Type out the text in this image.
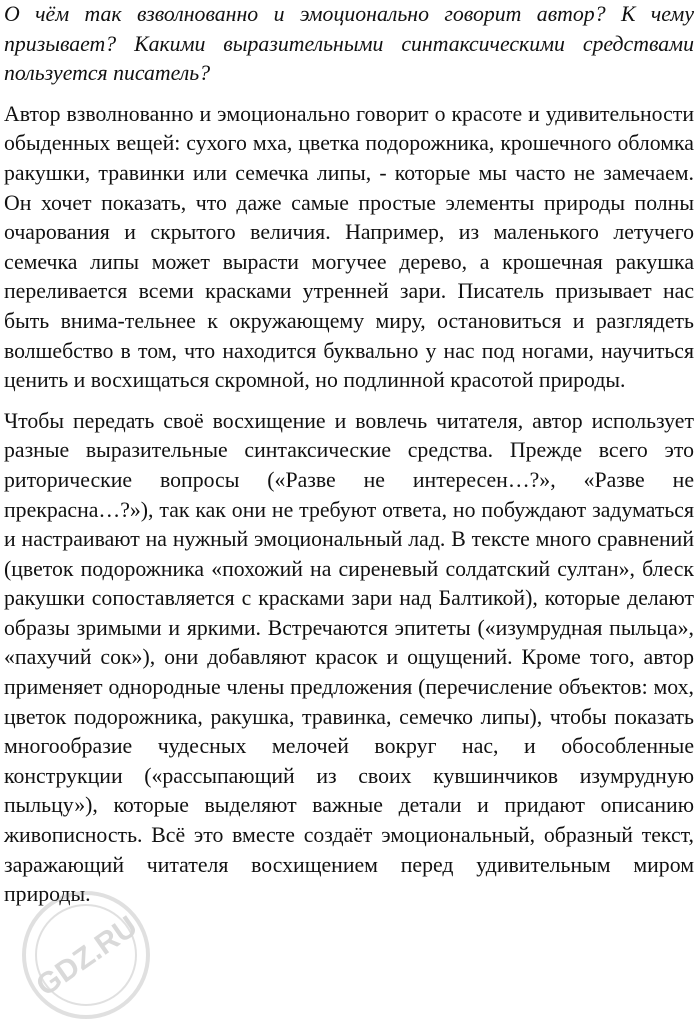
О чём так взволнованно и эмоционально говорит автор? К чему призывает? Какими выразительными синтаксическими средствами пользуется писатель?

Автор взволнованно и эмоционально говорит о красоте и удивительности обыденных вещей: сухого мха, цветка подорожника, крошечного обломка ракушки, травинки или семечка липы, - которые мы часто не замечаем. Он хочет показать, что даже самые простые элементы природы полны очарования и скрытого величия. Например, из маленького летучего семечка липы может вырасти могучее дерево, а крошечная ракушка переливается всеми красками утренней зари. Писатель призывает нас быть внима-тельнее к окружающему миру, остановиться и разглядеть волшебство в том, что находится буквально у нас под ногами, научиться ценить и восхищаться скромной, но подлинной красотой природы.

Чтобы передать своё восхищение и вовлечь читателя, автор использует разные выразительные синтаксические средства. Прежде всего это риторические вопросы («Разве не интересен…?», «Разве не прекрасна…?»), так как они не требуют ответа, но побуждают задуматься и настраивают на нужный эмоциональный лад. В тексте много сравнений (цветок подорожника «похожий на сиреневый солдатский султан», блеск ракушки сопоставляется с красками зари над Балтикой), которые делают образы зримыми и яркими. Встречаются эпитеты («изумрудная пыльца», «пахучий сок»), они добавляют красок и ощущений. Кроме того, автор применяет однородные члены предложения (перечисление объектов: мох, цветок подорожника, ракушка, травинка, семечко липы), чтобы показать многообразие чудесных мелочей вокруг нас, и обособленные конструкции («рассыпающий из своих кувшинчиков изумрудную пыльцу»), которые выделяют важные детали и придают описанию живописность. Всё это вместе создаёт эмоциональный, образный текст, заражающий читателя восхищением перед удивительным миром природы.

GDZ.RU
